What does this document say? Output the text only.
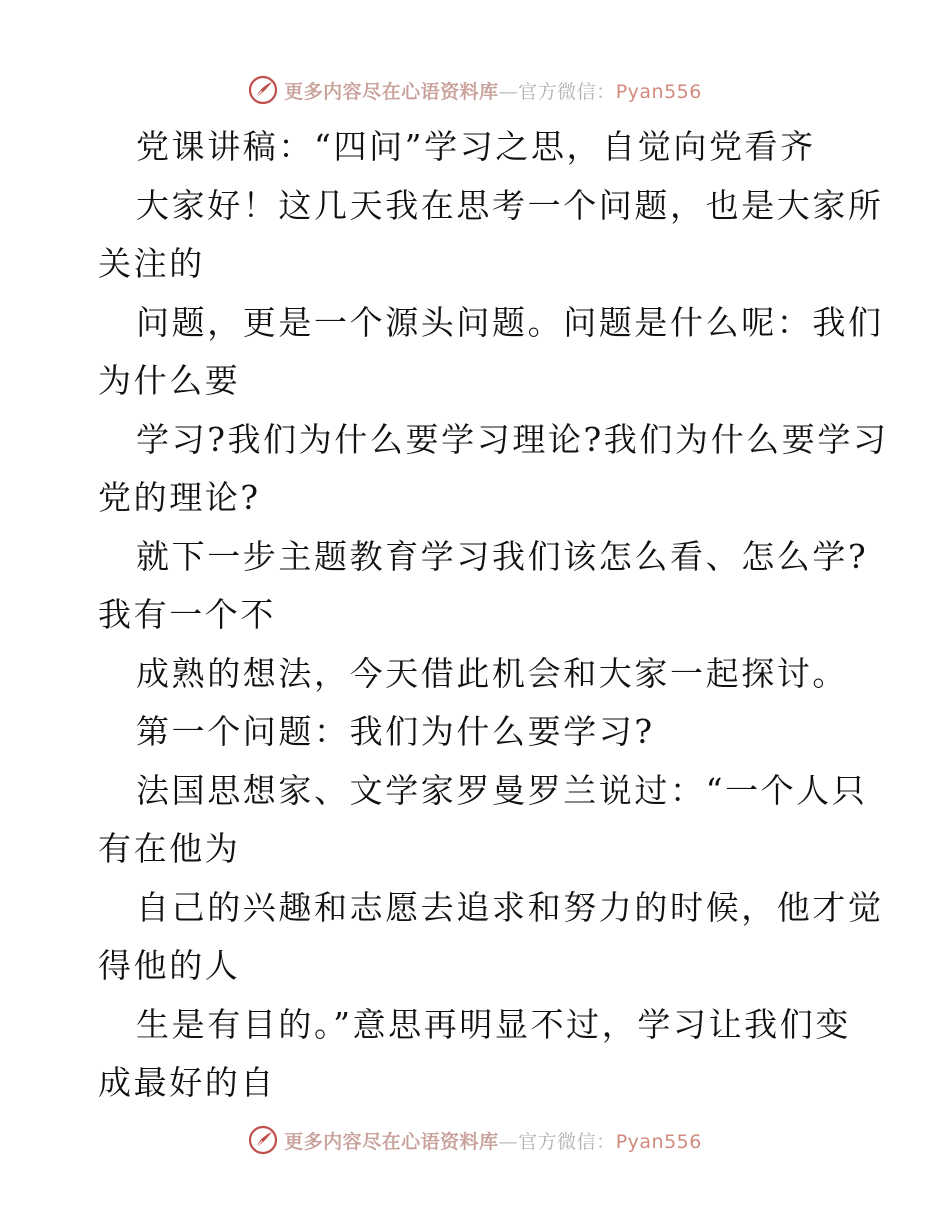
更多内容尽在心语资料库—官方微信：Pyan556
党课讲稿：“四问”学习之思，自觉向党看齐
大家好！这几天我在思考一个问题，也是大家所
关注的
问题，更是一个源头问题。问题是什么呢：我们
为什么要
学习?我们为什么要学习理论?我们为什么要学习
党的理论?
就下一步主题教育学习我们该怎么看、怎么学?
我有一个不
成熟的想法，今天借此机会和大家一起探讨。
第一个问题：我们为什么要学习?
法国思想家、文学家罗曼罗兰说过：“一个人只
有在他为
自己的兴趣和志愿去追求和努力的时候，他才觉
得他的人
生是有目的。”意思再明显不过，学习让我们变
成最好的自
更多内容尽在心语资料库—官方微信：Pyan556
